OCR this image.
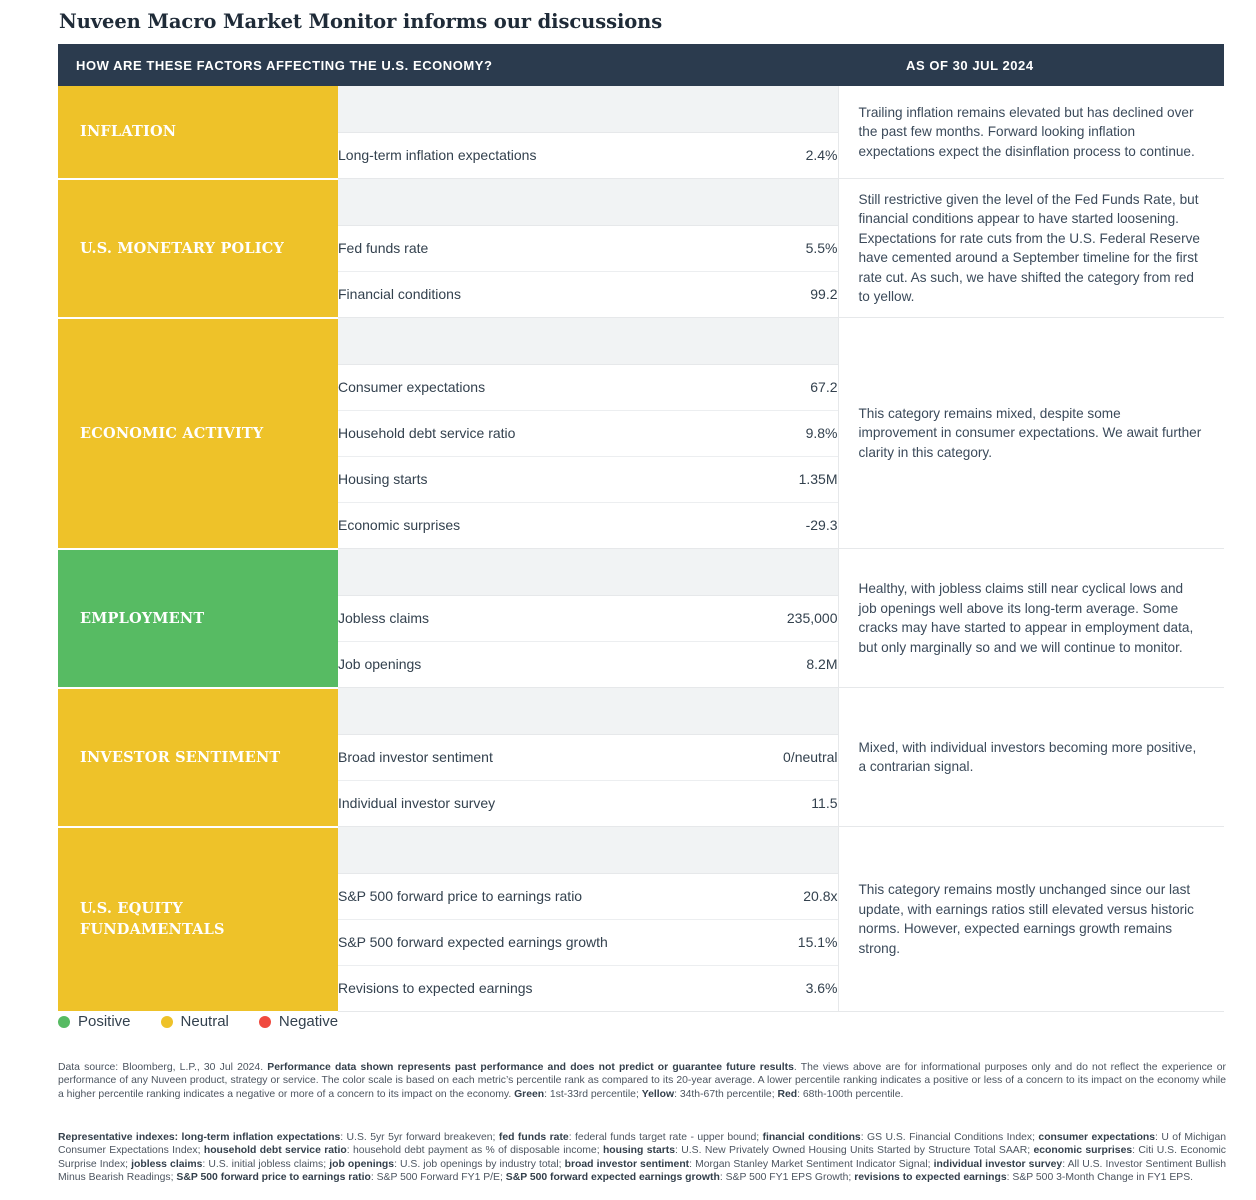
Nuveen Macro Market Monitor informs our discussions
HOW ARE THESE FACTORS AFFECTING THE U.S. ECONOMY?	AS OF 30 JUL 2024
INFLATION	

Long-term inflation expectations	2.4%
	Trailing inflation remains elevated but has declined over the past few months. Forward looking inflation expectations expect the disinflation process to continue.
U.S. MONETARY POLICY		Fed funds rate	5.5%
Financial conditions	99.2
	Still restrictive given the level of the Fed Funds Rate, but financial conditions appear to have started loosening. Expectations for rate cuts from the U.S. Federal Reserve have cemented around a September timeline for the first rate cut. As such, we have shifted the category from red to yellow.
ECONOMIC ACTIVITY	

Consumer expectations	67.2
Household debt service ratio	9.8%
Housing starts	1.35M
Economic surprises	-29.3
	This category remains mixed, despite some improvement in consumer expectations. We await further clarity in this category.
EMPLOYMENT		Jobless claims	235,000
Job openings	8.2M
	Healthy, with jobless claims still near cyclical lows and job openings well above its long-term average. Some cracks may have started to appear in employment data, but only marginally so and we will continue to monitor.
INVESTOR SENTIMENT		Broad investor sentiment	0/neutral
Individual investor survey	11.5
	Mixed, with individual investors becoming more positive, a contrarian signal.
U.S. EQUITY FUNDAMENTALS	

S&P 500 forward price to earnings ratio	20.8x
S&P 500 forward expected earnings growth	15.1%
Revisions to expected earnings	3.6%
	This category remains mostly unchanged since our last update, with earnings ratios still elevated versus historic norms. However, expected earnings growth remains strong.
Positive	Neutral	Negative
Data source: Bloomberg, L.P., 30 Jul 2024. Performance data shown represents past performance and does not predict or guarantee future results. The views above are for informational purposes only and do not reflect the experience or performance of any Nuveen product, strategy or service. The color scale is based on each metric’s percentile rank as compared to its 20-year average. A lower percentile ranking indicates a positive or less of a concern to its impact on the economy while a higher percentile ranking indicates a negative or more of a concern to its impact on the economy. Green: 1st-33rd percentile; Yellow: 34th-67th percentile; Red: 68th-100th percentile.
Representative indexes: long-term inflation expectations: U.S. 5yr 5yr forward breakeven; fed funds rate: federal funds target rate - upper bound; financial conditions: GS U.S. Financial Conditions Index; consumer expectations: U of Michigan Consumer Expectations Index; household debt service ratio: household debt payment as % of disposable income; housing starts: U.S. New Privately Owned Housing Units Started by Structure Total SAAR; economic surprises: Citi U.S. Economic Surprise Index; jobless claims: U.S. initial jobless claims; job openings: U.S. job openings by industry total; broad investor sentiment: Morgan Stanley Market Sentiment Indicator Signal; individual investor survey: All U.S. Investor Sentiment Bullish Minus Bearish Readings; S&P 500 forward price to earnings ratio: S&P 500 Forward FY1 P/E; S&P 500 forward expected earnings growth: S&P 500 FY1 EPS Growth; revisions to expected earnings: S&P 500 3-Month Change in FY1 EPS.
